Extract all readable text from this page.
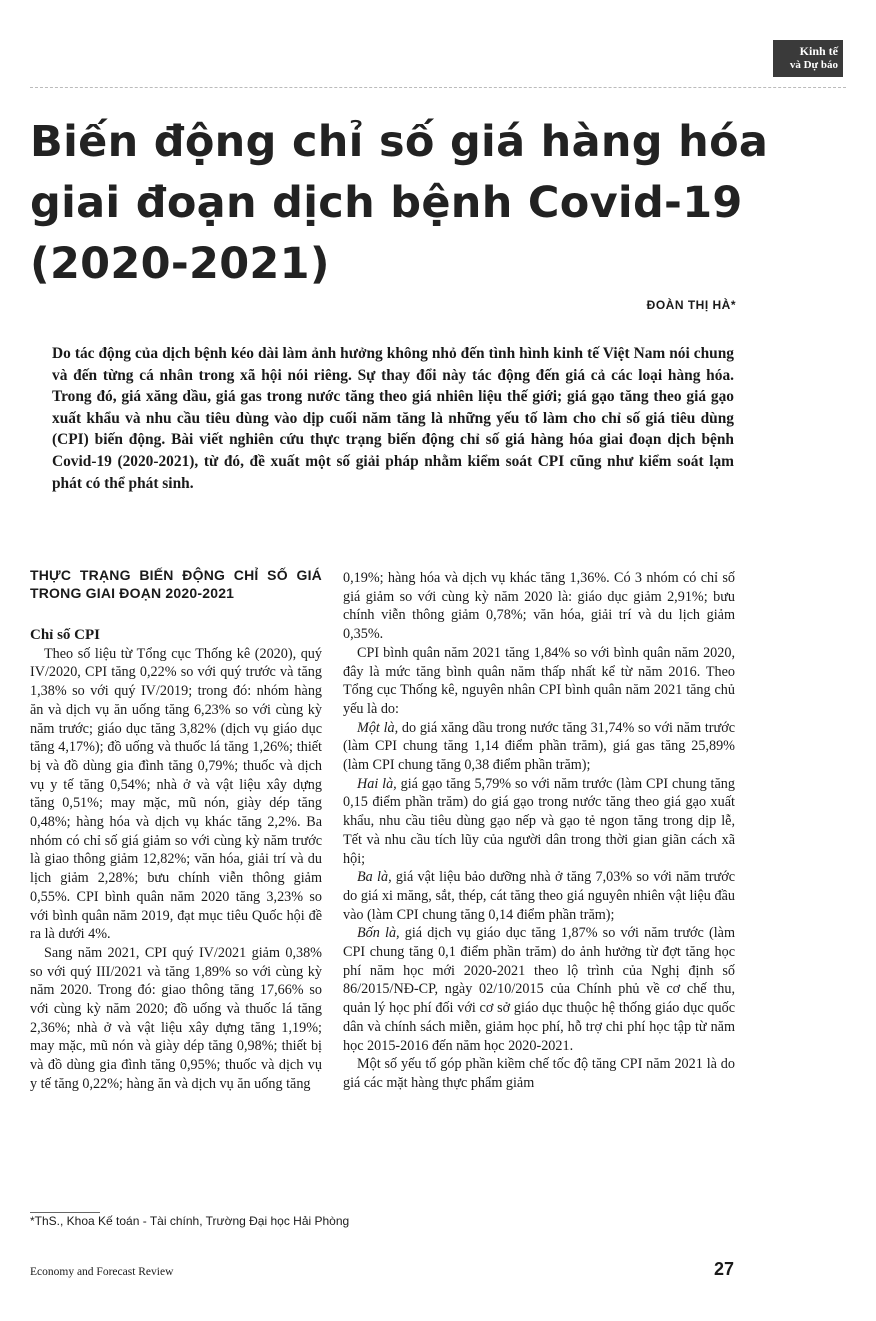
Kinh tế
và Dự báo
Biến động chỉ số giá hàng hóa giai đoạn dịch bệnh Covid-19 (2020-2021)
ĐOÀN THỊ HÀ*
Do tác động của dịch bệnh kéo dài làm ảnh hưởng không nhỏ đến tình hình kinh tế Việt Nam nói chung và đến từng cá nhân trong xã hội nói riêng. Sự thay đổi này tác động đến giá cả các loại hàng hóa. Trong đó, giá xăng dầu, giá gas trong nước tăng theo giá nhiên liệu thế giới; giá gạo tăng theo giá gạo xuất khẩu và nhu cầu tiêu dùng vào dịp cuối năm tăng là những yếu tố làm cho chỉ số giá tiêu dùng (CPI) biến động. Bài viết nghiên cứu thực trạng biến động chỉ số giá hàng hóa giai đoạn dịch bệnh Covid-19 (2020-2021), từ đó, đề xuất một số giải pháp nhằm kiểm soát CPI cũng như kiểm soát lạm phát có thể phát sinh.
THỰC TRẠNG BIẾN ĐỘNG CHỈ SỐ GIÁ TRONG GIAI ĐOẠN 2020-2021
Chỉ số CPI

Theo số liệu từ Tổng cục Thống kê (2020), quý IV/2020, CPI tăng 0,22% so với quý trước và tăng 1,38% so với quý IV/2019; trong đó: nhóm hàng ăn và dịch vụ ăn uống tăng 6,23% so với cùng kỳ năm trước; giáo dục tăng 3,82% (dịch vụ giáo dục tăng 4,17%); đồ uống và thuốc lá tăng 1,26%; thiết bị và đồ dùng gia đình tăng 0,79%; thuốc và dịch vụ y tế tăng 0,54%; nhà ở và vật liệu xây dựng tăng 0,51%; may mặc, mũ nón, giày dép tăng 0,48%; hàng hóa và dịch vụ khác tăng 2,2%. Ba nhóm có chỉ số giá giảm so với cùng kỳ năm trước là giao thông giảm 12,82%; văn hóa, giải trí và du lịch giảm 2,28%; bưu chính viễn thông giảm 0,55%. CPI bình quân năm 2020 tăng 3,23% so với bình quân năm 2019, đạt mục tiêu Quốc hội đề ra là dưới 4%.

Sang năm 2021, CPI quý IV/2021 giảm 0,38% so với quý III/2021 và tăng 1,89% so với cùng kỳ năm 2020. Trong đó: giao thông tăng 17,66% so với cùng kỳ năm 2020; đồ uống và thuốc lá tăng 2,36%; nhà ở và vật liệu xây dựng tăng 1,19%; may mặc, mũ nón và giày dép tăng 0,98%; thiết bị và đồ dùng gia đình tăng 0,95%; thuốc và dịch vụ y tế tăng 0,22%; hàng ăn và dịch vụ ăn uống tăng

0,19%; hàng hóa và dịch vụ khác tăng 1,36%. Có 3 nhóm có chỉ số giá giảm so với cùng kỳ năm 2020 là: giáo dục giảm 2,91%; bưu chính viễn thông giảm 0,78%; văn hóa, giải trí và du lịch giảm 0,35%.

CPI bình quân năm 2021 tăng 1,84% so với bình quân năm 2020, đây là mức tăng bình quân năm thấp nhất kể từ năm 2016. Theo Tổng cục Thống kê, nguyên nhân CPI bình quân năm 2021 tăng chủ yếu là do:

Một là, do giá xăng dầu trong nước tăng 31,74% so với năm trước (làm CPI chung tăng 1,14 điểm phần trăm), giá gas tăng 25,89% (làm CPI chung tăng 0,38 điểm phần trăm);

Hai là, giá gạo tăng 5,79% so với năm trước (làm CPI chung tăng 0,15 điểm phần trăm) do giá gạo trong nước tăng theo giá gạo xuất khẩu, nhu cầu tiêu dùng gạo nếp và gạo tẻ ngon tăng trong dịp lễ, Tết và nhu cầu tích lũy của người dân trong thời gian giãn cách xã hội;

Ba là, giá vật liệu bảo dưỡng nhà ở tăng 7,03% so với năm trước do giá xi măng, sắt, thép, cát tăng theo giá nguyên nhiên vật liệu đầu vào (làm CPI chung tăng 0,14 điểm phần trăm);

Bốn là, giá dịch vụ giáo dục tăng 1,87% so với năm trước (làm CPI chung tăng 0,1 điểm phần trăm) do ảnh hưởng từ đợt tăng học phí năm học mới 2020-2021 theo lộ trình của Nghị định số 86/2015/NĐ-CP, ngày 02/10/2015 của Chính phủ về cơ chế thu, quản lý học phí đối với cơ sở giáo dục thuộc hệ thống giáo dục quốc dân và chính sách miễn, giảm học phí, hỗ trợ chi phí học tập từ năm học 2015-2016 đến năm học 2020-2021.

Một số yếu tố góp phần kiềm chế tốc độ tăng CPI năm 2021 là do giá các mặt hàng thực phẩm giảm

*ThS., Khoa Kế toán - Tài chính, Trường Đại học Hải Phòng
Economy and Forecast Review	27
